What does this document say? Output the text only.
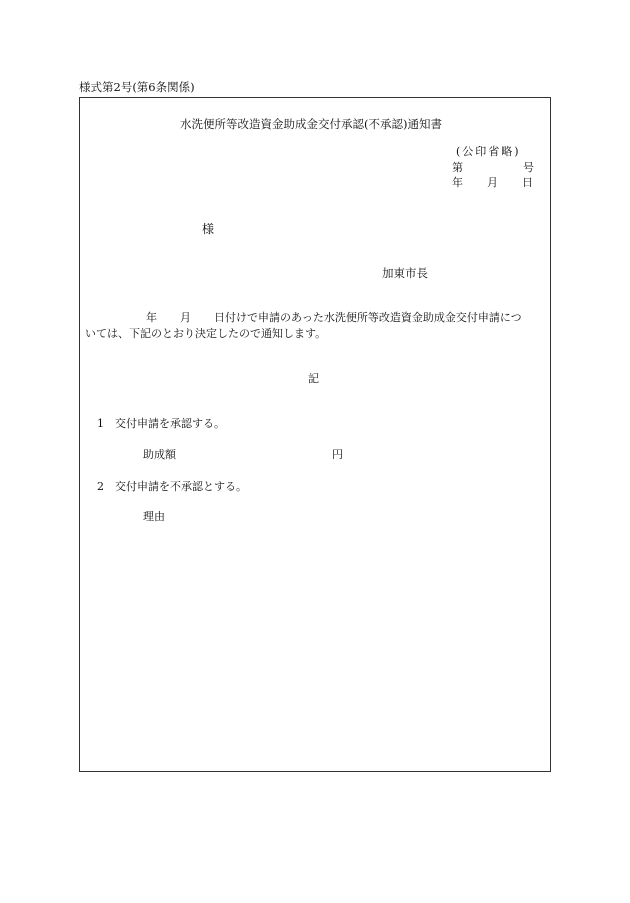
様式第2号(第6条関係)
水洗便所等改造資金助成金交付承認(不承認)通知書
(公印省略)
第	号
年 月 日
様
加東市長
年 月 日付けで申請のあった水洗便所等改造資金助成金交付申請につ
いては、下記のとおり決定したので通知します。
記
1 交付申請を承認する。
助成額	円
2 交付申請を不承認とする。
理由
